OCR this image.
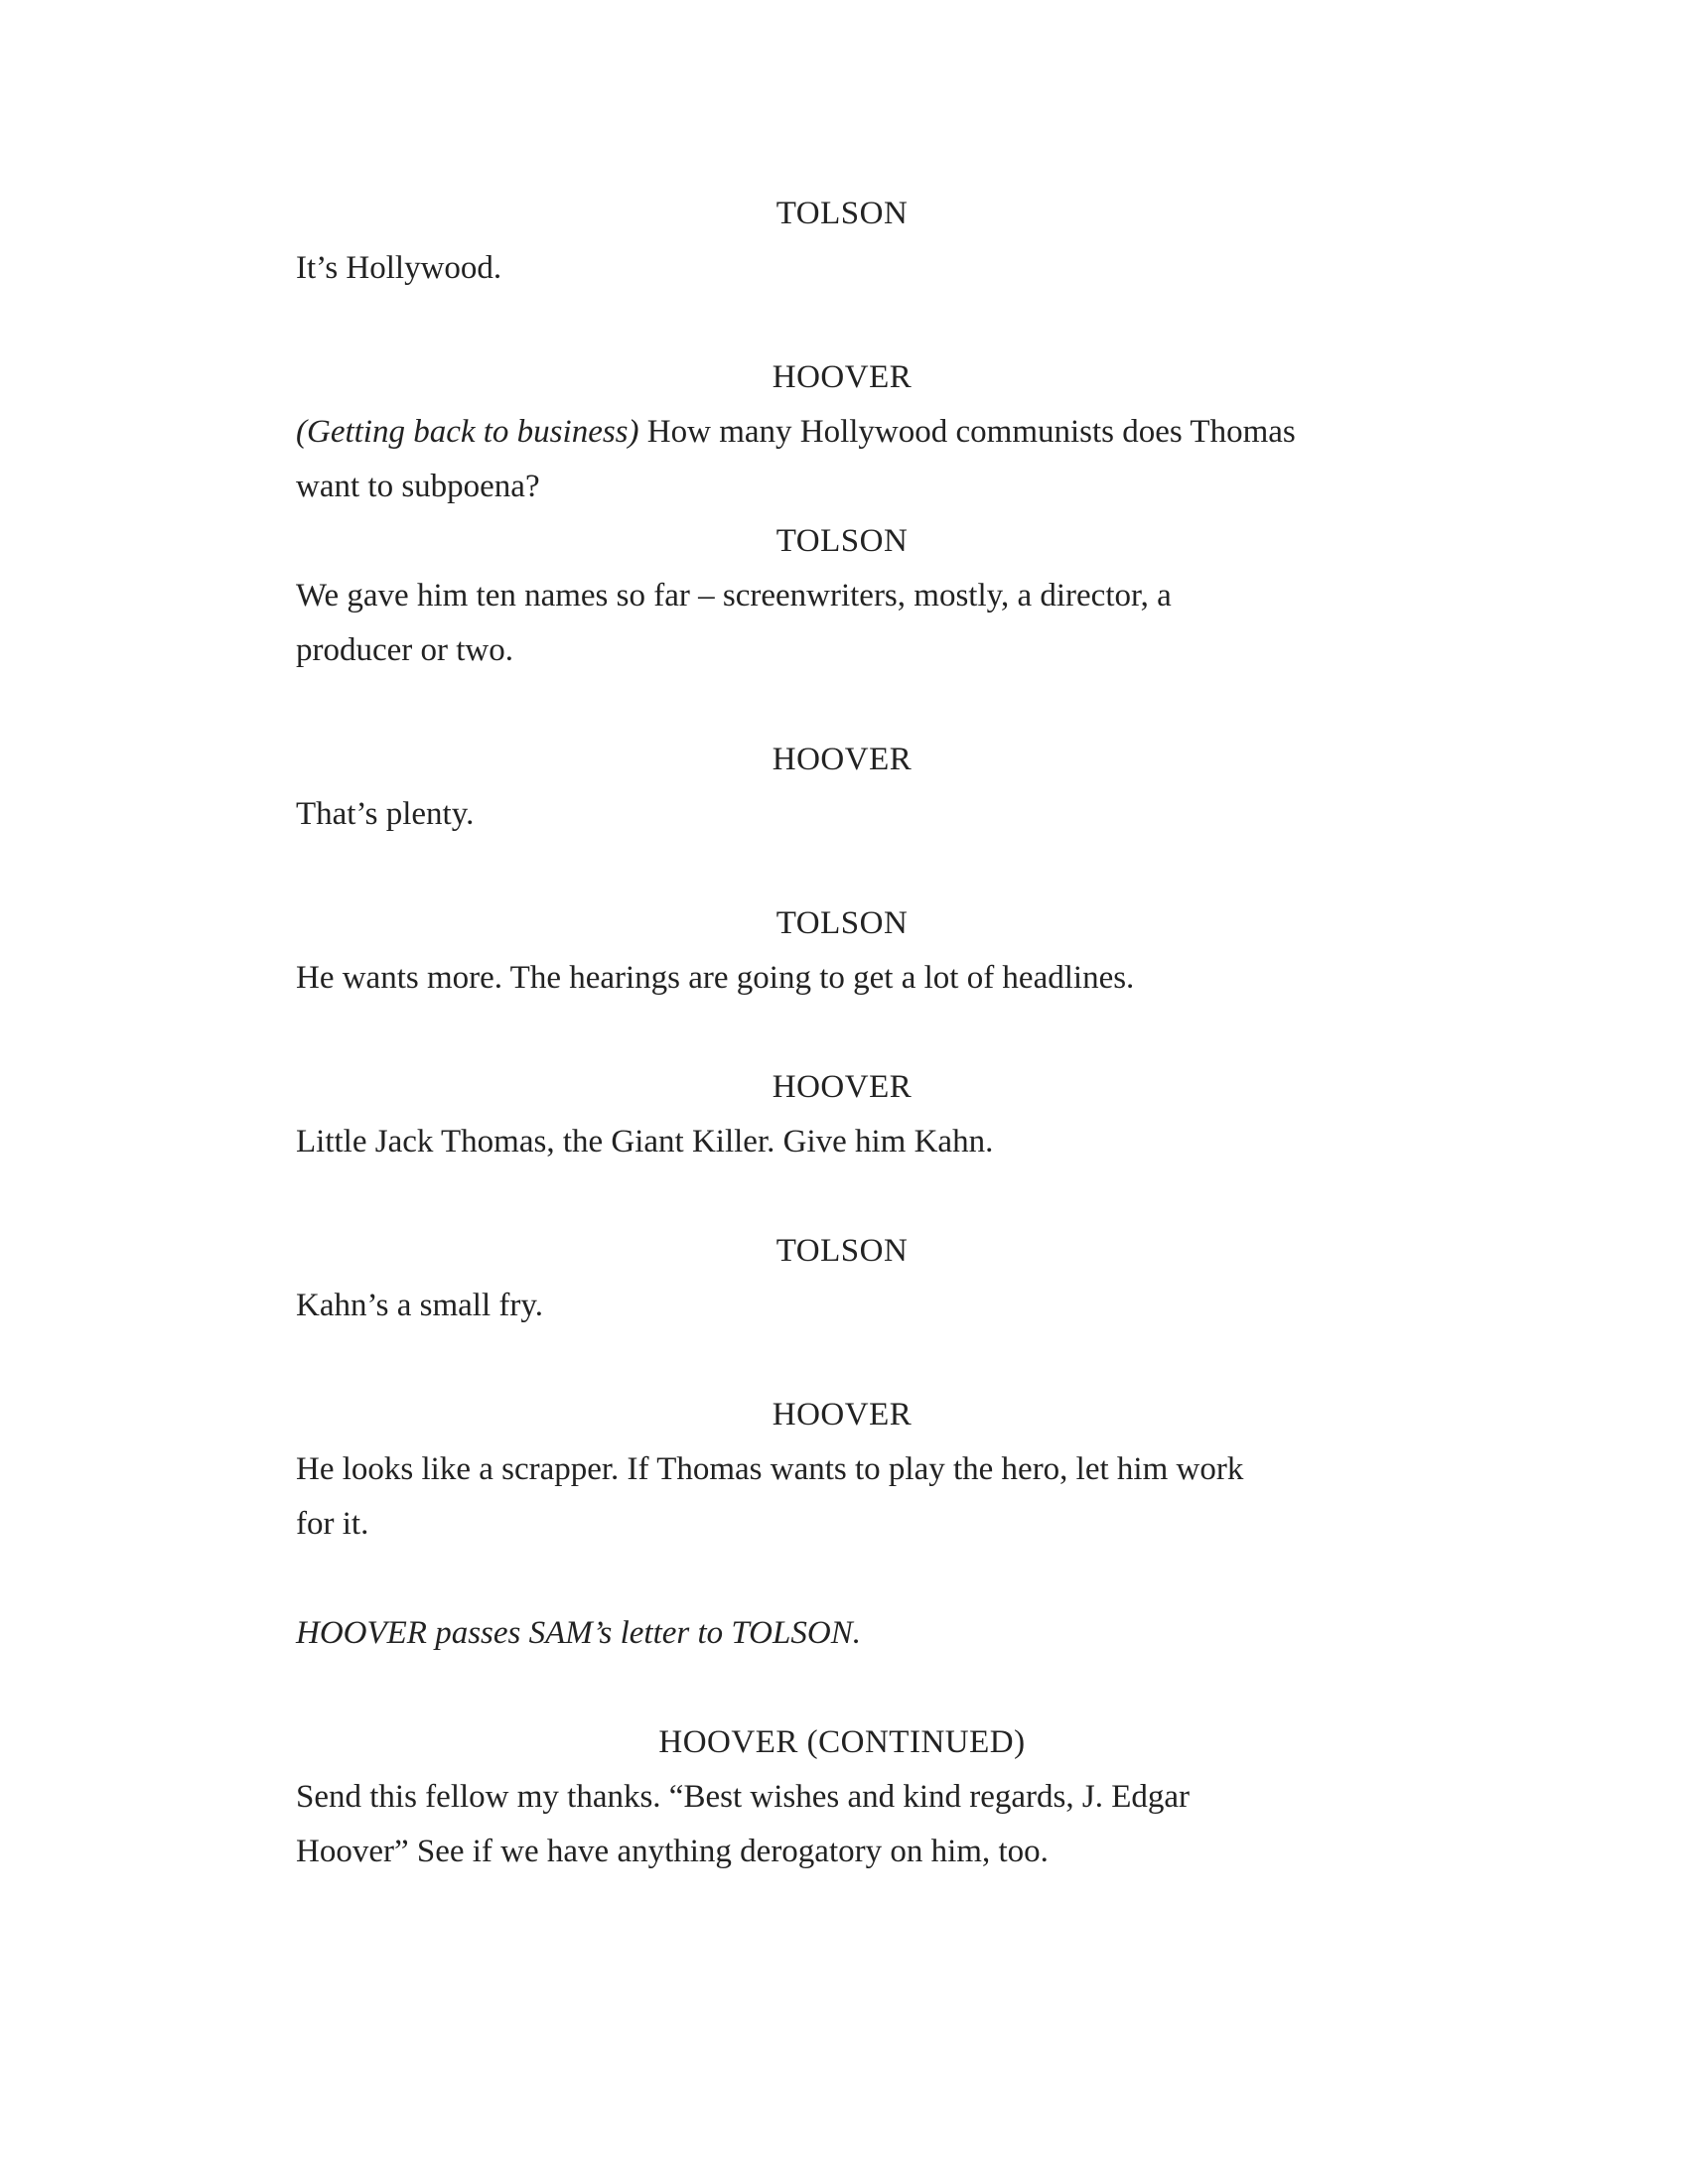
TOLSON

It’s Hollywood.

HOOVER

(Getting back to business) How many Hollywood communists does Thomas

want to subpoena?

TOLSON

We gave him ten names so far – screenwriters, mostly, a director, a

producer or two.

HOOVER

That’s plenty.

TOLSON

He wants more. The hearings are going to get a lot of headlines.

HOOVER

Little Jack Thomas, the Giant Killer. Give him Kahn.

TOLSON

Kahn’s a small fry.

HOOVER

He looks like a scrapper. If Thomas wants to play the hero, let him work

for it.

HOOVER passes SAM’s letter to TOLSON.

HOOVER (CONTINUED)

Send this fellow my thanks. “Best wishes and kind regards, J. Edgar

Hoover” See if we have anything derogatory on him, too.
